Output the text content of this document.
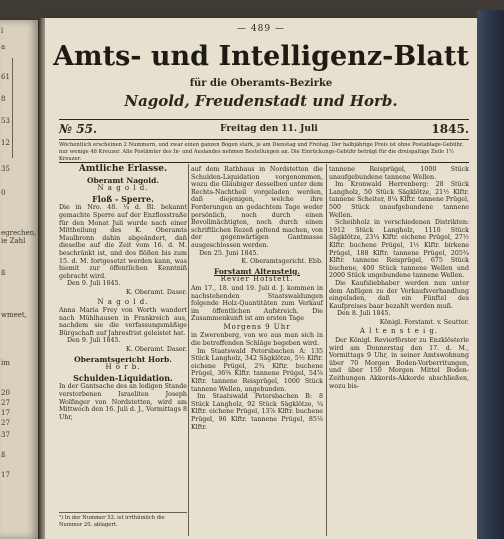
l
a
61
8
53
12
35
0
egrechen,
ie Zahl
ß
wmeet,
im
20
27
17
27
37
ß
17
— 489 —
Amts- und Intelligenz-Blatt
für die Oberamts-Bezirke
Nagold, Freudenstadt und Horb.
№ 55.	Freitag den 11. Juli	1845.
Wöchentlich erscheinen 2 Nummern, und zwar einen ganzen Bogen stark, je am Dienstag und Freitag. Der halbjährige Preis ist ohne Postablage-Gebühr, nur wenige 48 Kreuzer. Alle Postämter des In- und Auslandes nehmen Bestellungen an. Die Einrückungs-Gebühr beträgt für die dreispaltige Zeile 1½ Kreuzer.
Amtliche Erlasse.
Oberamt Nagold.
N a g o l d.
Floß - Sperre.

Die in Nro. 48. ¼ d. Bl. bekannt gemachte Sperre auf der Enzflosstraße für den Monat Juli wurde nach einer Mittheilung des K. Oberamts Maulbronn dahin abgeändert, daß dieselbe auf die Zeit vom 16. d. M. beschränkt ist, und dos flößen bis zum 15. d. M. fortgesetzt werden kann, was hiemit zur öffentlichen Kenntniß gebracht wird.

Den 9. Juli 1845.

K. Oberamt. Daser.
N a g o l d.

Anna Maria Frey von Worth wandert nach Mühlhausen in Frankreich aus, nachdem sie die verfassungsmäßige Bürgschaft auf Jahresfrist geleistet hat.

Den 9. Juli 1845.

K. Oberamt. Daser.
Oberamtsgericht Horb.
H o r b.
Schulden-Liquidation.

In der Gantsache des an ledigen Stande verstorbenen Israeliten Joseph Wolfinger von Nordstetten, wird am Mittwoch den 16. Juli d. J., Vormittags 8 Uhr,

¹) In der Nummer 53. ist irrthümlich die Nummer 20. ablagert.

auf dem Rathhaus in Nordstetten die Schulden-Liquidation vorgenommen, wozu die Gläubiger desselben unter dem Rechts-Nachtheil vorgeladen werden, daß diejenigen, welche ihre Forderungen an gedachtem Tage weder persönlich, noch durch einen Bevollmächtigten, noch durch einen schriftlichen Rezeß geltend machen, von der gegenwärtigen Gantmasse ausgeschlossen werden.

Den 25. Juni 1845.

K. Oberamtsgericht. Ebb.
Forstamt Altensteig.
Revier Hofstett.

Am 17., 18. und 19. Juli d. J. kommen in nachstehenden Staatswaldungen folgende Holz-Quantitäten zum Verkauf im öffentlichen Aufstreich. Die Zusammenkunft ist am ersten Tage

Morgens 9 Uhr

in Zwerenberg, von wo aus man sich in die betreffenden Schläge begeben wird.

Im Staatswald Petersbachen A: 135 Stück Langholz, 342 Sägklötze, 5½ Klftr. eichene Prügel, 2¾ Klftr. buchene Prügel, 36⅜ Klftr. tannene Prügel, 54⅞ Klftr. tannene Reisprügel, 1000 Stück tannene Wellen, ungebunden.

Im Staatswald Petersbachen B: 8 Stück Langholz, 92 Stück Sägklötze, ¼ Klftr. eichene Prügel, 13⅞ Klftr. buchene Prügel, 96 Klftr. tannene Prügel, 85⅛ Klftr.

tannene Reisprügel, 1000 Stück unaufgebundene tannene Wellen.

Im Kronwald Herrenberg: 28 Stück Langholz, 50 Stück Sägklötze, 21½ Klftr. tannene Scheiter, 8¼ Klftr. tannene Prügel, 500 Stück unaufgebundene tannene Wellen.

Scheibholz in verschiedenen Distrikten: 1912 Stück Langholz, 1110 Stück Sägklötze, 23¼ Klftr. eichene Prügel, 27½ Klftr. buchene Prügel, 1½ Klftr. birkene Prügel, 188 Klftr. tannene Prügel, 205¾ Klftr. tannene Reisprügel, 675 Stück buchene, 400 Stück tannene Wellen und 2000 Stück ungebundene tannene Wellen.

Die Kaufsliebhaber werden nun unter dem Anfügen zu der Verkaufsverhandlung eingeladen, daß ein Fünftel des Kaufpreises baar bezahlt werden muß.

Den 8. Juli 1845.

Königl. Forstamt. v. Seutter.
A l t e n s t e i g.

Der Königl. Revierförster zu Enzklösterle wird am Donnerstag den 17. d. M., Vormittags 9 Uhr, in seiner Amtswohnung über 70 Morgen Boden-Vorberritungen, und über 150 Morgen Mittel Boden-Zeithungen Akkords-Akkorde abschließen, wozu bis-
